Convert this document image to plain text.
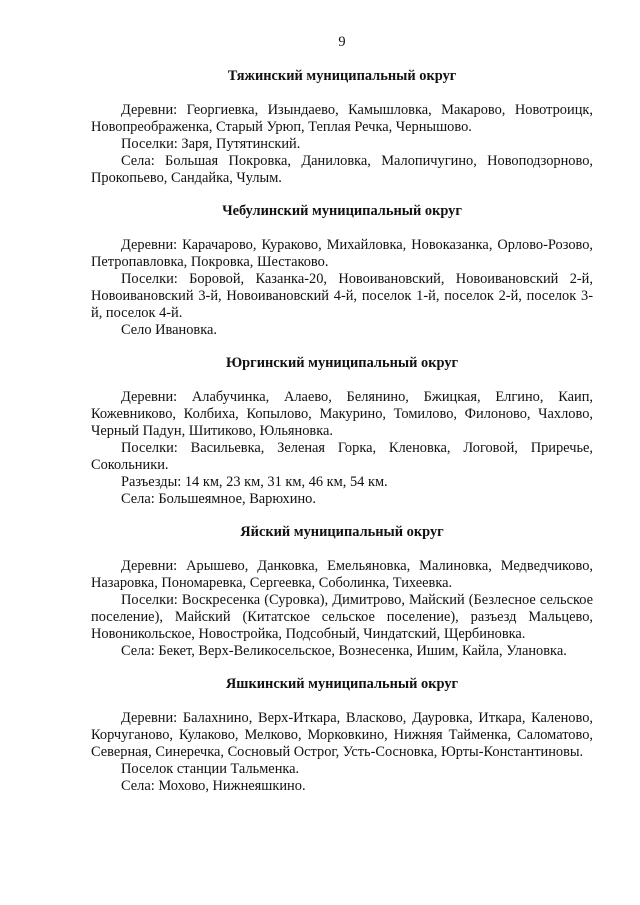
9
Тяжинский муниципальный округ

Деревни: Георгиевка, Изындаево, Камышловка, Макарово, Новотроицк, Новопреображенка, Старый Урюп, Теплая Речка, Чернышово.

Поселки: Заря, Путятинский.

Села: Большая Покровка, Даниловка, Малопичугино, Новоподзорново, Прокопьево, Сандайка, Чулым.

Чебулинский муниципальный округ

Деревни: Карачарово, Кураково, Михайловка, Новоказанка, Орлово-Розово, Петропавловка, Покровка, Шестаково.

Поселки: Боровой, Казанка-20, Новоивановский, Новоивановский 2-й, Новоивановский 3-й, Новоивановский 4-й, поселок 1-й, поселок 2-й, поселок 3-й, поселок 4-й.

Село Ивановка.

Юргинский муниципальный округ

Деревни: Алабучинка, Алаево, Белянино, Бжицкая, Елгино, Каип, Кожевниково, Колбиха, Копылово, Макурино, Томилово, Филоново, Чахлово, Черный Падун, Шитиково, Юльяновка.

Поселки: Васильевка, Зеленая Горка, Кленовка, Логовой, Приречье, Сокольники.

Разъезды: 14 км, 23 км, 31 км, 46 км, 54 км.

Села: Большеямное, Варюхино.

Яйский муниципальный округ

Деревни: Арышево, Данковка, Емельяновка, Малиновка, Медведчиково, Назаровка, Пономаревка, Сергеевка, Соболинка, Тихеевка.

Поселки: Воскресенка (Суровка), Димитрово, Майский (Безлесное сельское поселение), Майский (Китатское сельское поселение), разъезд Мальцево, Новоникольское, Новостройка, Подсобный, Чиндатский, Щербиновка.

Села: Бекет, Верх-Великосельское, Вознесенка, Ишим, Кайла, Улановка.

Яшкинский муниципальный округ

Деревни: Балахнино, Верх-Иткара, Власково, Дауровка, Иткара, Каленово, Корчуганово, Кулаково, Мелково, Морковкино, Нижняя Тайменка, Саломатово, Северная, Синеречка, Сосновый Острог, Усть-Сосновка, Юрты-Константиновы.

Поселок станции Тальменка.

Села: Мохово, Нижнеяшкино.
